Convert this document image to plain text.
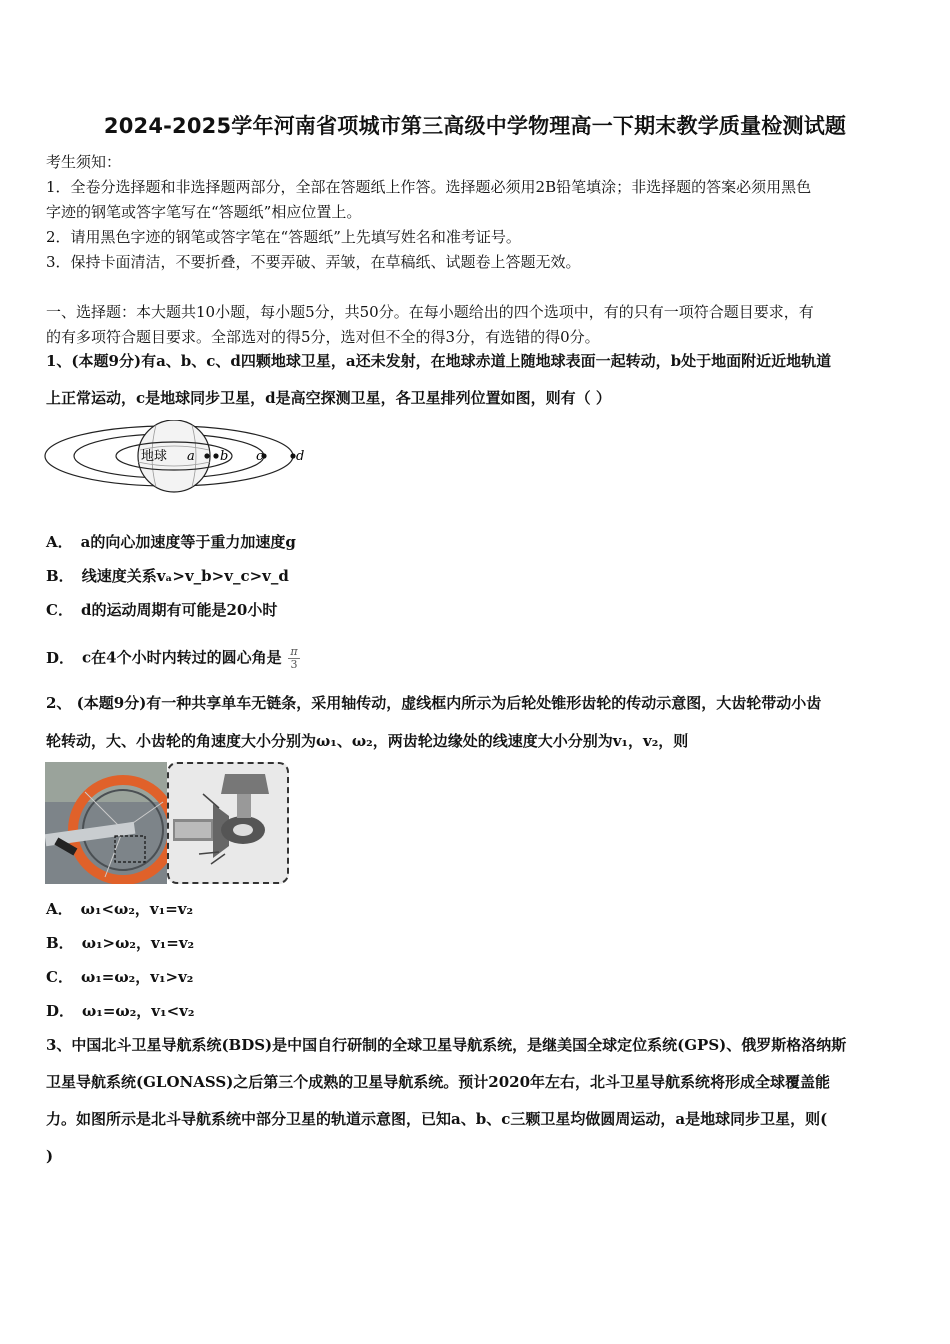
2024-2025学年河南省项城市第三高级中学物理高一下期末教学质量检测试题
考生须知：
1．全卷分选择题和非选择题两部分，全部在答题纸上作答。选择题必须用2B铅笔填涂；非选择题的答案必须用黑色
字迹的钢笔或答字笔写在“答题纸”相应位置上。
2．请用黑色字迹的钢笔或答字笔在“答题纸”上先填写姓名和准考证号。
3．保持卡面清洁，不要折叠，不要弄破、弄皱，在草稿纸、试题卷上答题无效。
一、选择题：本大题共10小题，每小题5分，共50分。在每小题给出的四个选项中，有的只有一项符合题目要求，有
的有多项符合题目要求。全部选对的得5分，选对但不全的得3分，有选错的得0分。
1、(本题9分)有a、b、c、d四颗地球卫星，a还未发射，在地球赤道上随地球表面一起转动，b处于地面附近近地轨道
上正常运动，c是地球同步卫星，d是高空探测卫星，各卫星排列位置如图，则有（ ）
地球 a b c	d
A． a的向心加速度等于重力加速度g
B． 线速度关系vₐ>v_b>v_c>v_d
C． d的运动周期有可能是20小时
D． c在4个小时内转过的圆心角是 $\frac{\pi}{3}$
2、 (本题9分)有一种共享单车无链条，采用轴传动，虚线框内所示为后轮处锥形齿轮的传动示意图，大齿轮带动小齿
轮转动，大、小齿轮的角速度大小分别为ω₁、ω₂，两齿轮边缘处的线速度大小分别为v₁，v₂，则
A． ω₁<ω₂，v₁=v₂
B． ω₁>ω₂，v₁=v₂
C． ω₁=ω₂，v₁>v₂
D． ω₁=ω₂，v₁<v₂
3、中国北斗卫星导航系统(BDS)是中国自行研制的全球卫星导航系统，是继美国全球定位系统(GPS)、俄罗斯格洛纳斯
卫星导航系统(GLONASS)之后第三个成熟的卫星导航系统。预计2020年左右，北斗卫星导航系统将形成全球覆盖能
力。如图所示是北斗导航系统中部分卫星的轨道示意图，已知a、b、c三颗卫星均做圆周运动，a是地球同步卫星，则(
)
